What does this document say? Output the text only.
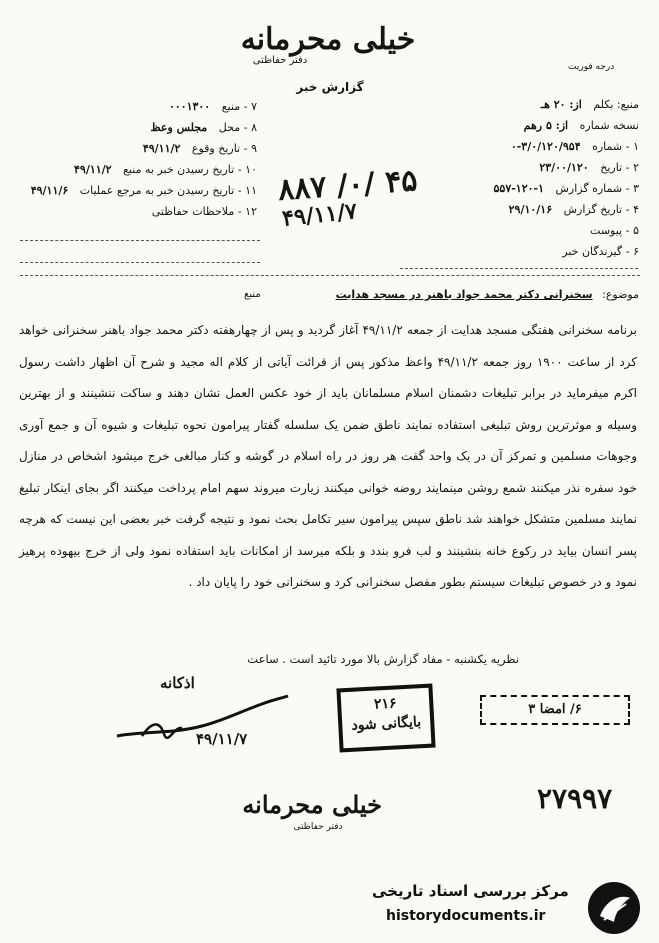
خیلی محرمانه
دفتر حفاظتی
گزارش خبر
درجه فوریت
منبع: بکلم از: ۲۰ هـ
نسخه شماره از: ۵ رهم
۱ - شماره ۰-۳/۰/۱۲۰/۹۵۴
۲ - تاریخ ۲۳/۰۰/۱۲۰
۳ - شماره گزارش ۵۵۷-۱۲۰-۱
۴ - تاریخ گزارش ۲۹/۱۰/۱۶
۵ - پیوست
۶ - گیرندگان خبر
۷ - منبع ۰۰۰۱۳۰۰
۸ - محل مجلس وعظ
۹ - تاریخ وقوع ۴۹/۱۱/۲
۱۰ - تاریخ رسیدن خبر به منبع ۴۹/۱۱/۲
۱۱ - تاریخ رسیدن خبر به مرجع عملیات ۴۹/۱۱/۶
۱۲ - ملاحظات حفاظتی
۸۸۷ /۰/ ۴۵
۴۹/۱۱/۷
منبع	موضوع: سخنرانی دکتر محمد جواد باهنر در مسجد هدایت

برنامه سخنرانی هفتگی مسجد هدایت از جمعه ۴۹/۱۱/۲ آغاز گردید و پس از چهارهفته دکتر محمد جواد باهنر سخنرانی خواهد کرد از ساعت ۱۹۰۰ روز جمعه ۴۹/۱۱/۲ واعظ مذکور پس از قرائت آیاتی از کلام اله مجید و شرح آن اظهار داشت رسول اکرم میفرماید در برابر تبلیغات دشمنان اسلام مسلمانان باید از خود عکس العمل نشان دهند و ساکت ننشینند و از بهترین وسیله و موثرترین روش تبلیغی استفاده نمایند ناطق ضمن یک سلسله گفتار پیرامون نحوه تبلیغات و شیوه آن و جمع آوری وجوهات مسلمین و تمرکز آن در یک واحد گفت هر روز در راه اسلام در گوشه و کنار مبالغی خرج میشود اشخاص در منازل خود سفره نذر میکنند شمع روشن مینمایند روضه خوانی میکنند زیارت میروند سهم امام پرداخت میکنند اگر بجای اینکار تبلیغ نمایند مسلمین متشکل خواهند شد ناطق سپس پیرامون سیر تکامل بحث نمود و نتیجه گرفت خبر بعضی این نیست که هرچه پسر انسان بیاید در رکوع خانه بنشینند و لب فرو بندد و بلکه میرسد از امکانات باید استفاده نمود ولی از خرج بیهوده پرهیز نمود و در خصوص تبلیغات سیستم بطور مفصل سخنرانی کرد و سخنرانی خود را پایان داد .

نظریه یکشنبه - مفاد گزارش بالا مورد تائید است . ساعت
اذکانه
۴۹/۱۱/۷
۲۱۶
بایگانی شود
۶/ امضا ۳
خیلی محرمانه
دفتر حفاظتی
۲۷۹۹۷
مرکز بررسی اسناد تاریخی
historydocuments.ir
